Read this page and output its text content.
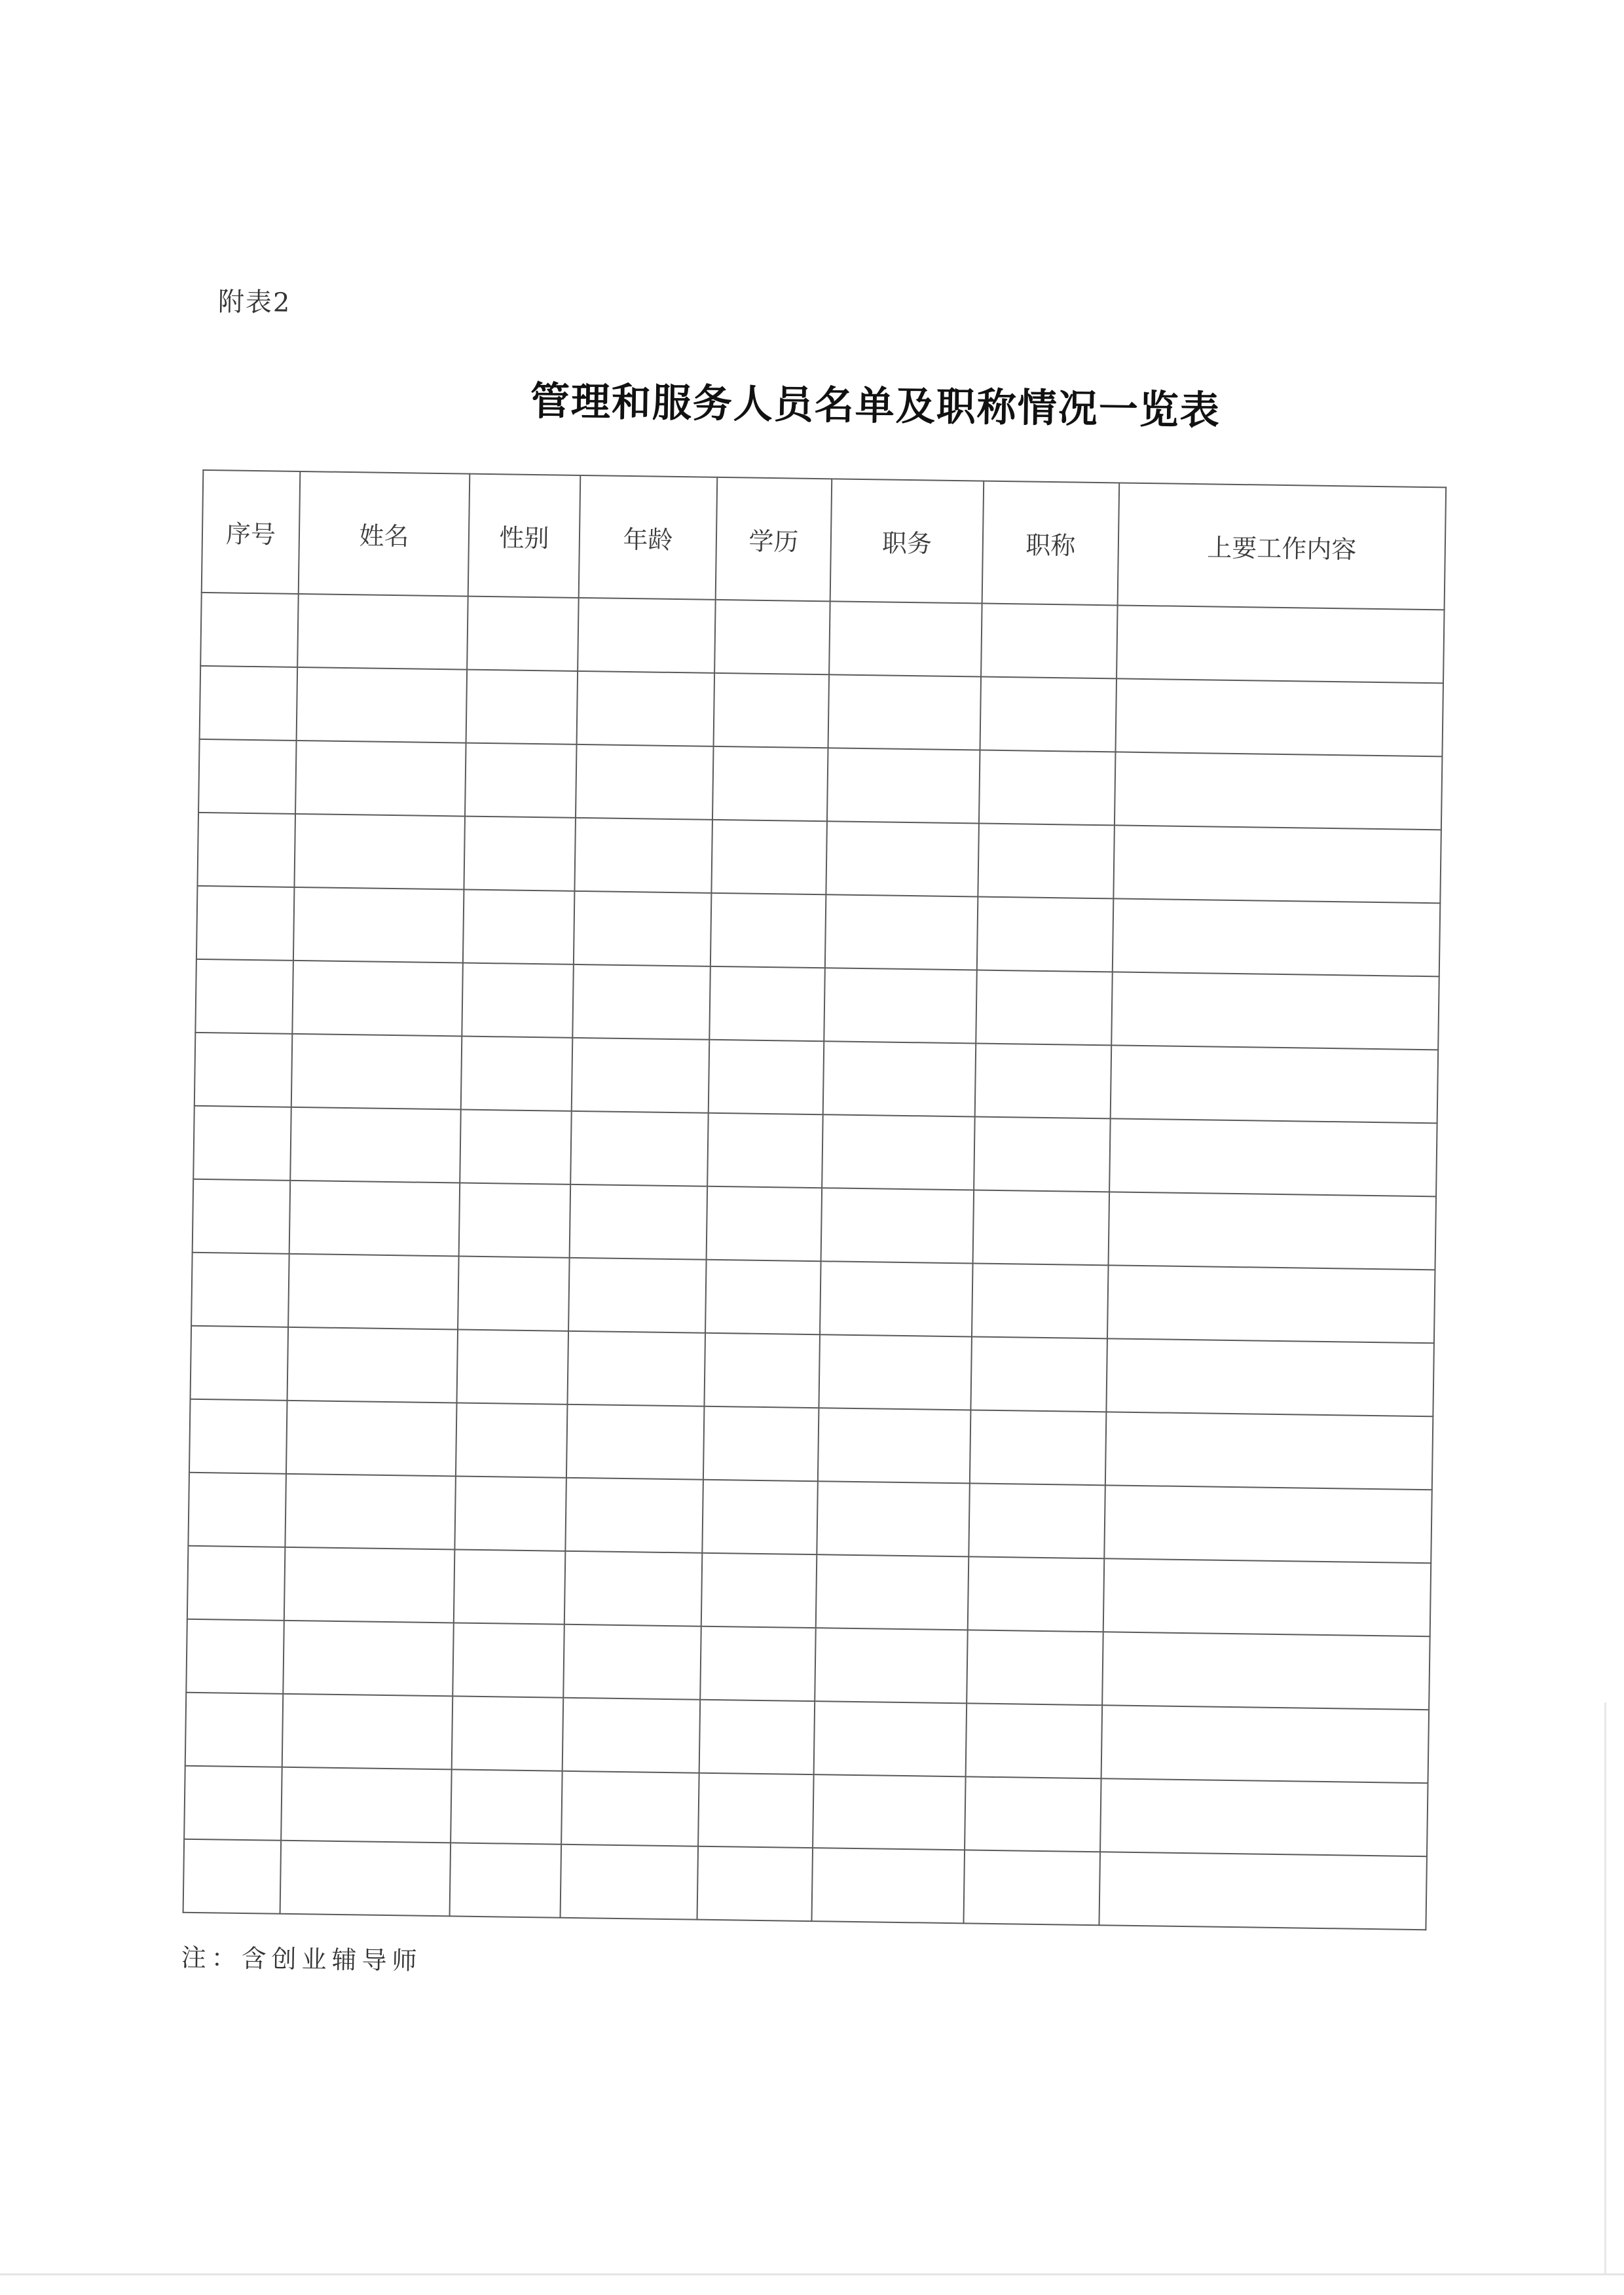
附表2
管理和服务人员名单及职称情况一览表
序号	姓名	性别	年龄	学历	职务	职称	上要工作内容

注：含创业辅导师
